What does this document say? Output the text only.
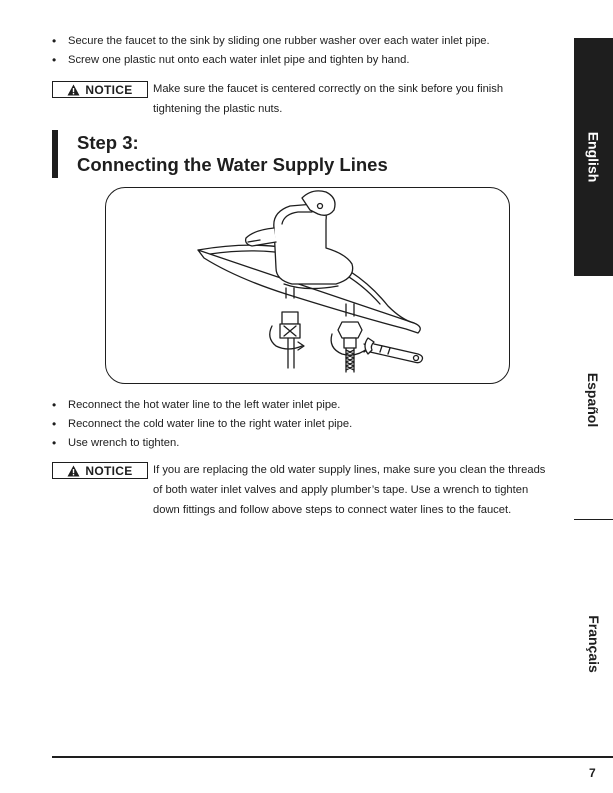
• Secure the faucet to the sink by sliding one rubber washer over each water inlet pipe.
• Screw one plastic nut onto each water inlet pipe and tighten by hand.
NOTICE Make sure the faucet is centered correctly on the sink before you finish
tightening the plastic nuts.
Step 3:
Connecting the Water Supply Lines
• Reconnect the hot water line to the left water inlet pipe.
• Reconnect the cold water line to the right water inlet pipe.
• Use wrench to tighten.
NOTICE If you are replacing the old water supply lines, make sure you clean the threads
of both water inlet valves and apply plumber’s tape. Use a wrench to tighten
down fittings and follow above steps to connect water lines to the faucet.
English
Español
Français
7
